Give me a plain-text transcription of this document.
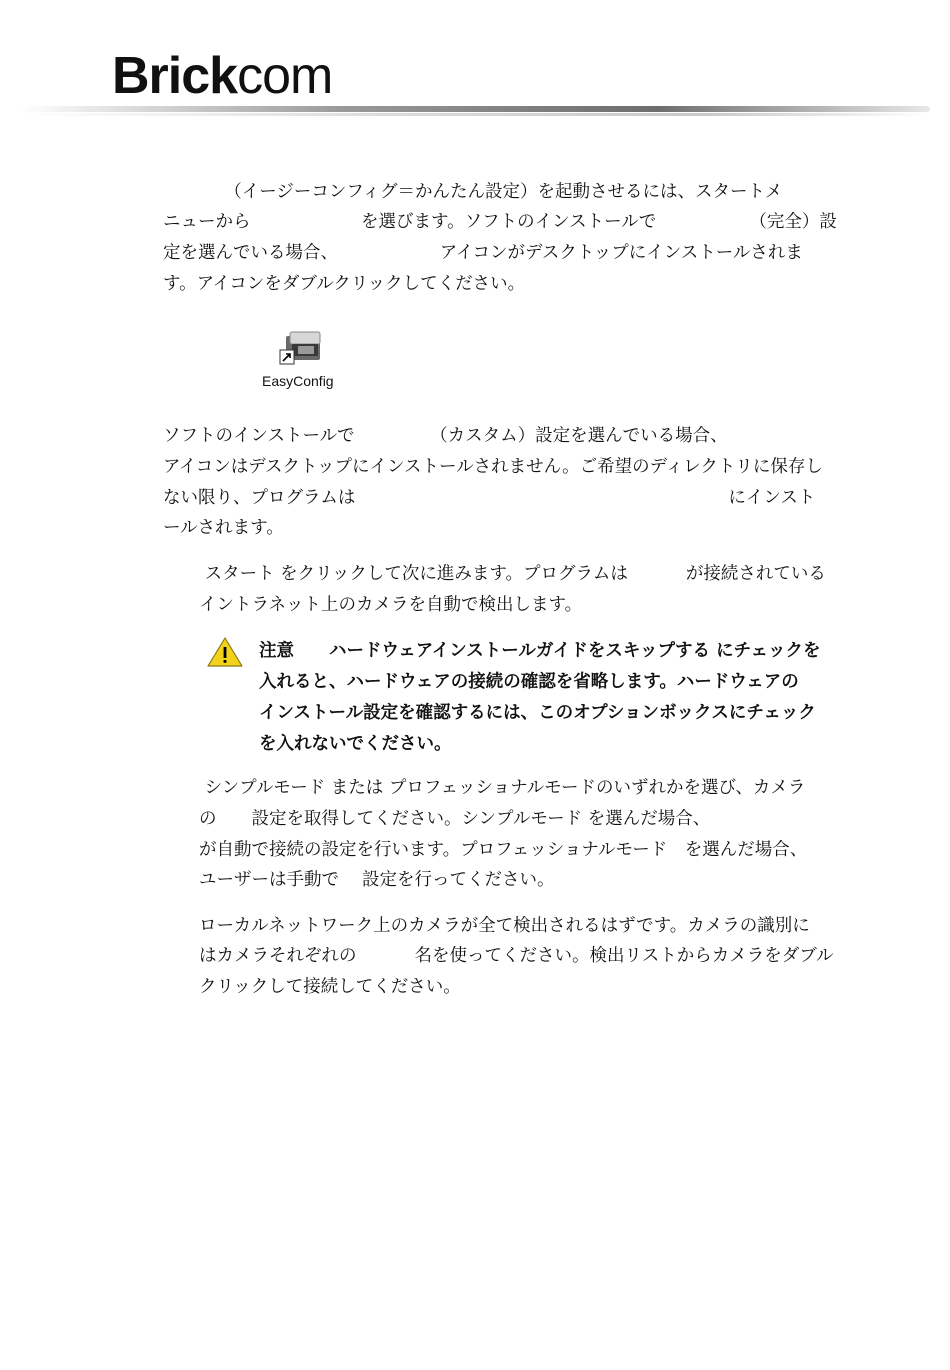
Brickcom
　　　　（イージーコンフィグ＝かんたん設定）を起動させるには、スタートメ
ニューから　　　　　　 を選びます。ソフトのインストールで　　　　　 （完全）設
定を選んでいる場合、　　　　　　 アイコンがデスクトップにインストールされま
す。アイコンをダブルクリックしてください。
EasyConfig
ソフトのインストールで　　　　 （カスタム）設定を選んでいる場合、
アイコンはデスクトップにインストールされません。ご希望のディレクトリに保存し
ない限り、プログラムは　　　　　　　　　　　　　　　　　　　　　 にインスト
ールされます。
スタート をクリックして次に進みます。プログラムは　　　 が接続されている
イントラネット上のカメラを自動で検出します。
注意　　ハードウェアインストールガイドをスキップする にチェックを
入れると、ハードウェアの接続の確認を省略します。ハードウェアの
インストール設定を確認するには、このオプションボックスにチェック
を入れないでください。
シンプルモード または プロフェッショナルモードのいずれかを選び、カメラ
の　　設定を取得してください。シンプルモード を選んだ場合、
が自動で接続の設定を行います。プロフェッショナルモード　を選んだ場合、
ユーザーは手動で　 設定を行ってください。
ローカルネットワーク上のカメラが全て検出されるはずです。カメラの識別に
はカメラそれぞれの　　　 名を使ってください。検出リストからカメラをダブル
クリックして接続してください。
